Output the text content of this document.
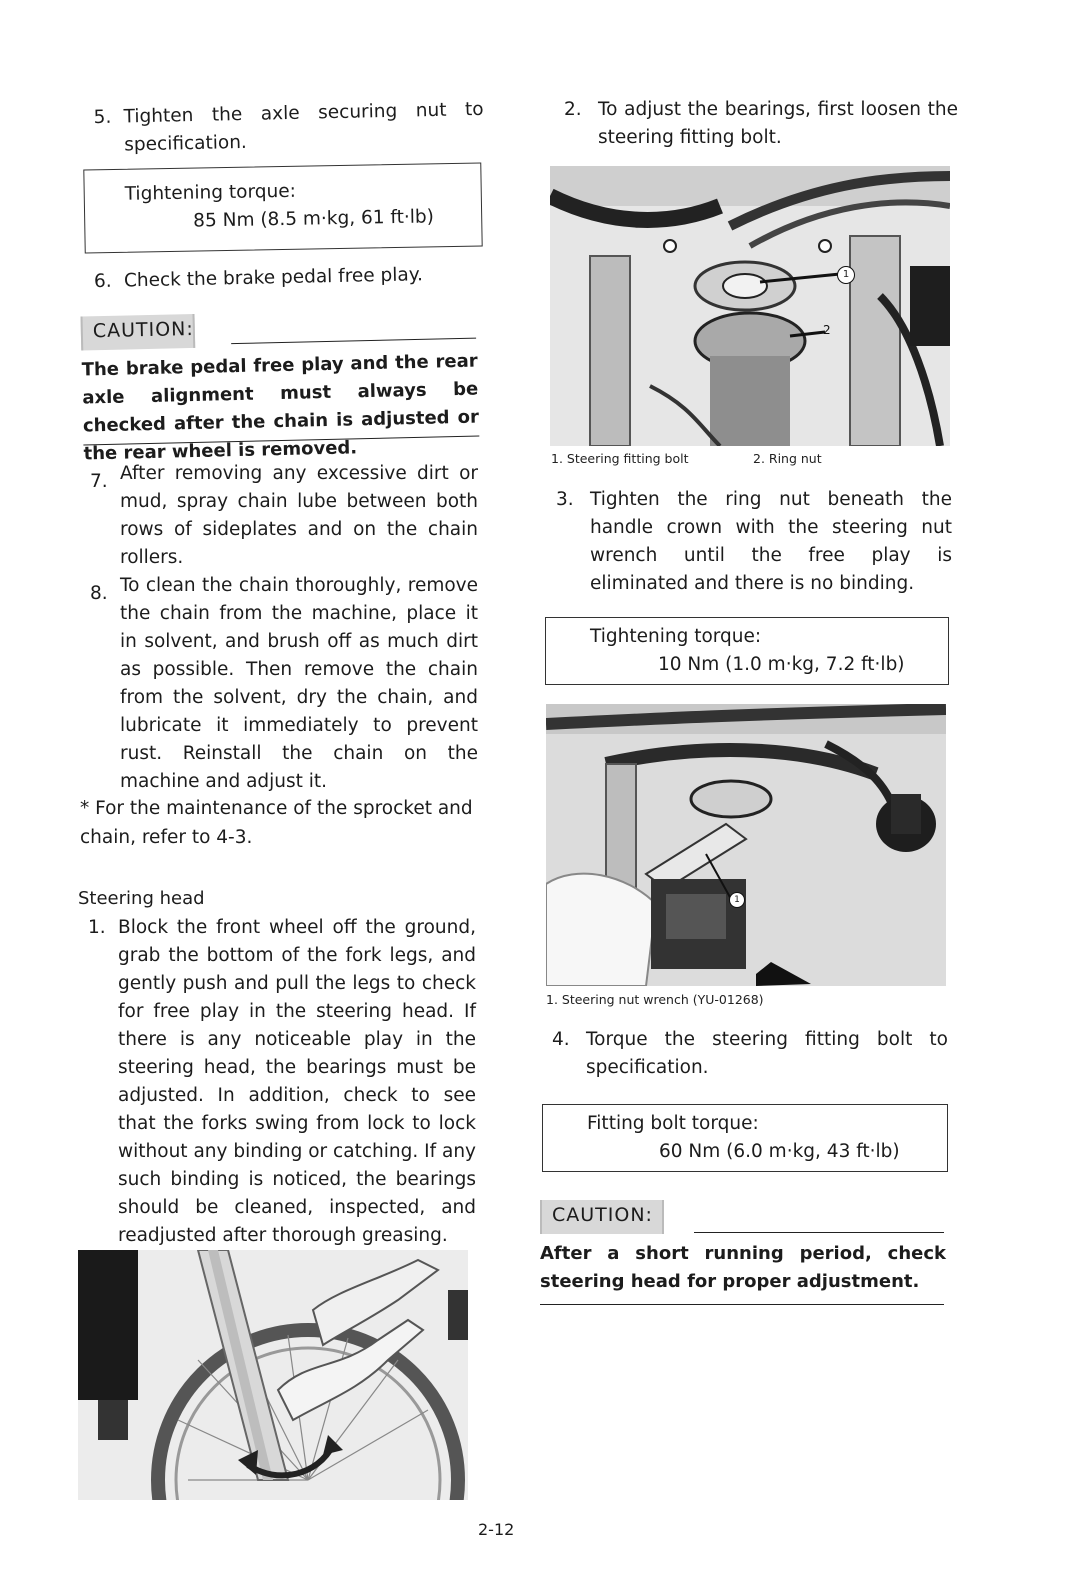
5. Tighten the axle securing nut to specification.
Tightening torque:
85 Nm (8.5 m·kg, 61 ft·lb)
6. Check the brake pedal free play.
CAUTION:
The brake pedal free play and the rear axle alignment must always be checked after the chain is adjusted or the rear wheel is removed.
7. After removing any excessive dirt or mud, spray chain lube between both rows of sideplates and on the chain rollers.
8. To clean the chain thoroughly, remove the chain from the machine, place it in solvent, and brush off as much dirt as possible. Then remove the chain from the solvent, dry the chain, and lubricate it immediately to prevent rust. Reinstall the chain on the machine and adjust it.
* For the maintenance of the sprocket and chain, refer to 4-3.
Steering head
1. Block the front wheel off the ground, grab the bottom of the fork legs, and gently push and pull the legs to check for free play in the steering head. If there is any noticeable play in the steering head, the bearings must be adjusted. In addition, check to see that the forks swing from lock to lock without any binding or catching. If any such binding is noticed, the bearings should be cleaned, inspected, and readjusted after thorough greasing.
2. To adjust the bearings, first loosen the steering fitting bolt.
1
2
1. Steering fitting bolt	2. Ring nut
3. Tighten the ring nut beneath the handle crown with the steering nut wrench until the free play is eliminated and there is no binding.
Tightening torque:
10 Nm (1.0 m·kg, 7.2 ft·lb)
1
1. Steering nut wrench (YU-01268)
4. Torque the steering fitting bolt to specification.
Fitting bolt torque:
60 Nm (6.0 m·kg, 43 ft·lb)
CAUTION:
After a short running period, check steering head for proper adjustment.
2-12
